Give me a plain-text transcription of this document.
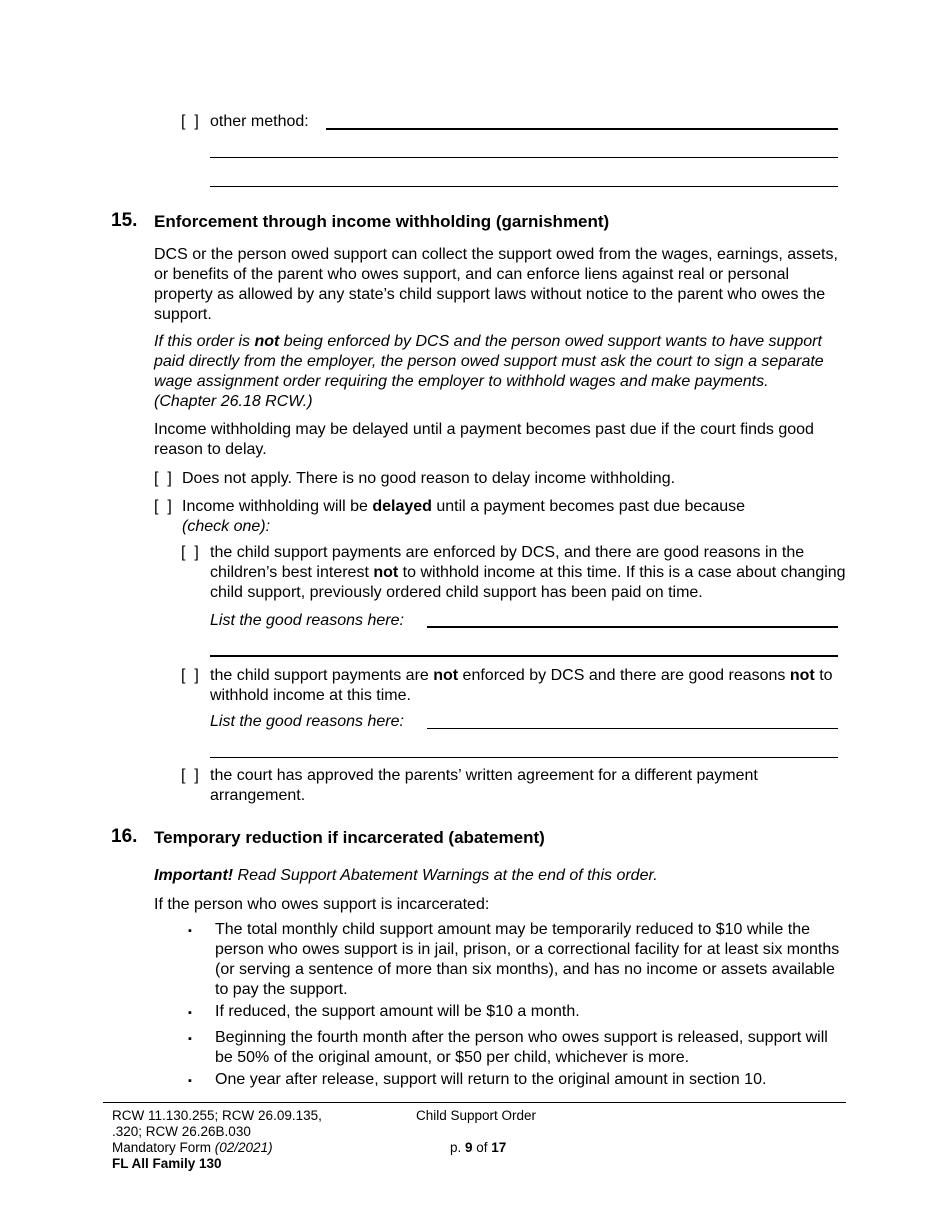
[  ] other method:
15. Enforcement through income withholding (garnishment)

DCS or the person owed support can collect the support owed from the wages, earnings, assets, or benefits of the parent who owes support, and can enforce liens against real or personal property as allowed by any state’s child support laws without notice to the parent who owes the support.

If this order is not being enforced by DCS and the person owed support wants to have support paid directly from the employer, the person owed support must ask the court to sign a separate wage assignment order requiring the employer to withhold wages and make payments. (Chapter 26.18 RCW.)

Income withholding may be delayed until a payment becomes past due if the court finds good reason to delay.

[  ] Does not apply. There is no good reason to delay income withholding.
[  ] Income withholding will be delayed until a payment becomes past due because
(check one):

[  ] the child support payments are enforced by DCS, and there are good reasons in the children’s best interest not to withhold income at this time. If this is a case about changing child support, previously ordered child support has been paid on time.

List the good reasons here:
[  ] the child support payments are not enforced by DCS and there are good reasons not to withhold income at this time.

List the good reasons here:
[  ] the court has approved the parents’ written agreement for a different payment arrangement.

16. Temporary reduction if incarcerated (abatement)

Important! Read Support Abatement Warnings at the end of this order.

If the person who owes support is incarcerated:

▪ The total monthly child support amount may be temporarily reduced to $10 while the person who owes support is in jail, prison, or a correctional facility for at least six months (or serving a sentence of more than six months), and has no income or assets available to pay the support.

▪ If reduced, the support amount will be $10 a month.

▪ Beginning the fourth month after the person who owes support is released, support will be 50% of the original amount, or $50 per child, whichever is more.

▪ One year after release, support will return to the original amount in section 10.

RCW 11.130.255; RCW 26.09.135,
.320; RCW 26.26B.030
Mandatory Form (02/2021)
FL All Family 130
Child Support Order
p. 9 of 17
